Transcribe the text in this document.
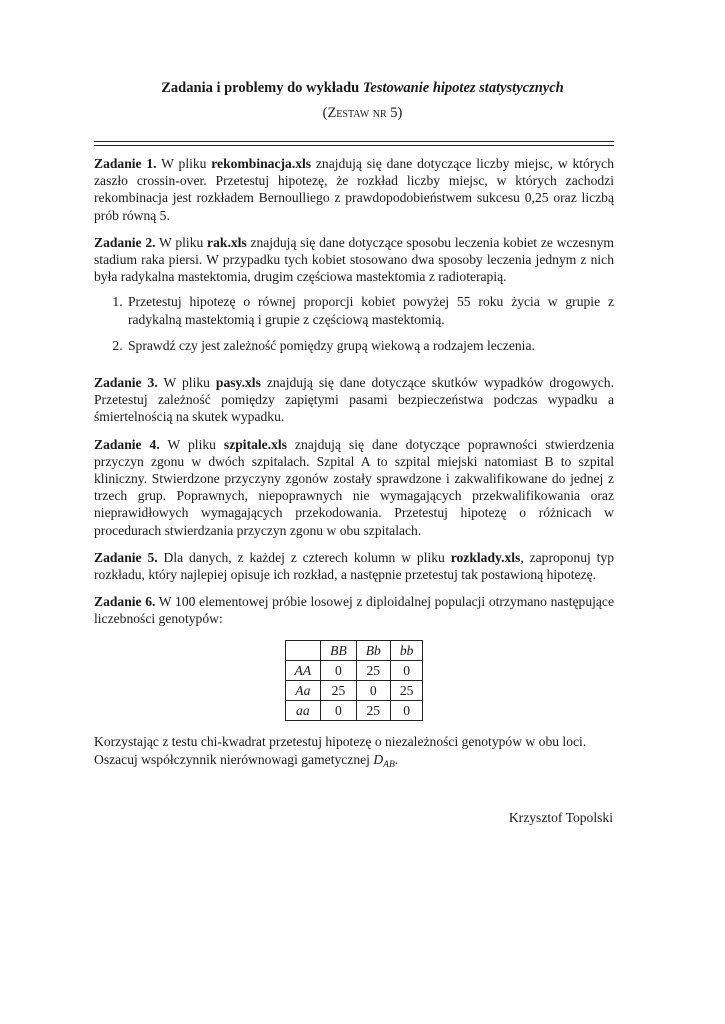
Zadania i problemy do wykładu Testowanie hipotez statystycznych
(Zestaw nr 5)

Zadanie 1. W pliku rekombinacja.xls znajdują się dane dotyczące liczby miejsc, w których zaszło crossin-over. Przetestuj hipotezę, że rozkład liczby miejsc, w których zachodzi rekombinacja jest rozkładem Bernoulliego z prawdopodobieństwem sukcesu 0,25 oraz liczbą prób równą 5.

Zadanie 2. W pliku rak.xls znajdują się dane dotyczące sposobu leczenia kobiet ze wczesnym stadium raka piersi. W przypadku tych kobiet stosowano dwa sposoby leczenia jednym z nich była radykalna mastektomia, drugim częściowa mastektomia z radioterapią.

1. Przetestuj hipotezę o równej proporcji kobiet powyżej 55 roku życia w grupie z radykalną mastektomią i grupie z częściową mastektomią.
2. Sprawdź czy jest zależność pomiędzy grupą wiekową a rodzajem leczenia.

Zadanie 3. W pliku pasy.xls znajdują się dane dotyczące skutków wypadków drogowych. Przetestuj zależność pomiędzy zapiętymi pasami bezpieczeństwa podczas wypadku a śmiertelnością na skutek wypadku.

Zadanie 4. W pliku szpitale.xls znajdują się dane dotyczące poprawności stwierdzenia przyczyn zgonu w dwóch szpitalach. Szpital A to szpital miejski natomiast B to szpital kliniczny. Stwierdzone przyczyny zgonów zostały sprawdzone i zakwalifikowane do jednej z trzech grup. Poprawnych, niepoprawnych nie wymagających przekwalifikowania oraz nieprawidłowych wymagających przekodowania. Przetestuj hipotezę o różnicach w procedurach stwierdzania przyczyn zgonu w obu szpitalach.

Zadanie 5. Dla danych, z każdej z czterech kolumn w pliku rozklady.xls, zaproponuj typ rozkładu, który najlepiej opisuje ich rozkład, a następnie przetestuj tak postawioną hipotezę.

Zadanie 6. W 100 elementowej próbie losowej z diploidalnej populacji otrzymano następujące liczebności genotypów:

	BB	Bb	bb
AA	0	25	0
Aa	25	0	25
aa	0	25	0

Korzystając z testu chi-kwadrat przetestuj hipotezę o niezależności genotypów w obu loci.

Oszacuj współczynnik nierównowagi gametycznej $D_{AB}$.

Krzysztof Topolski
